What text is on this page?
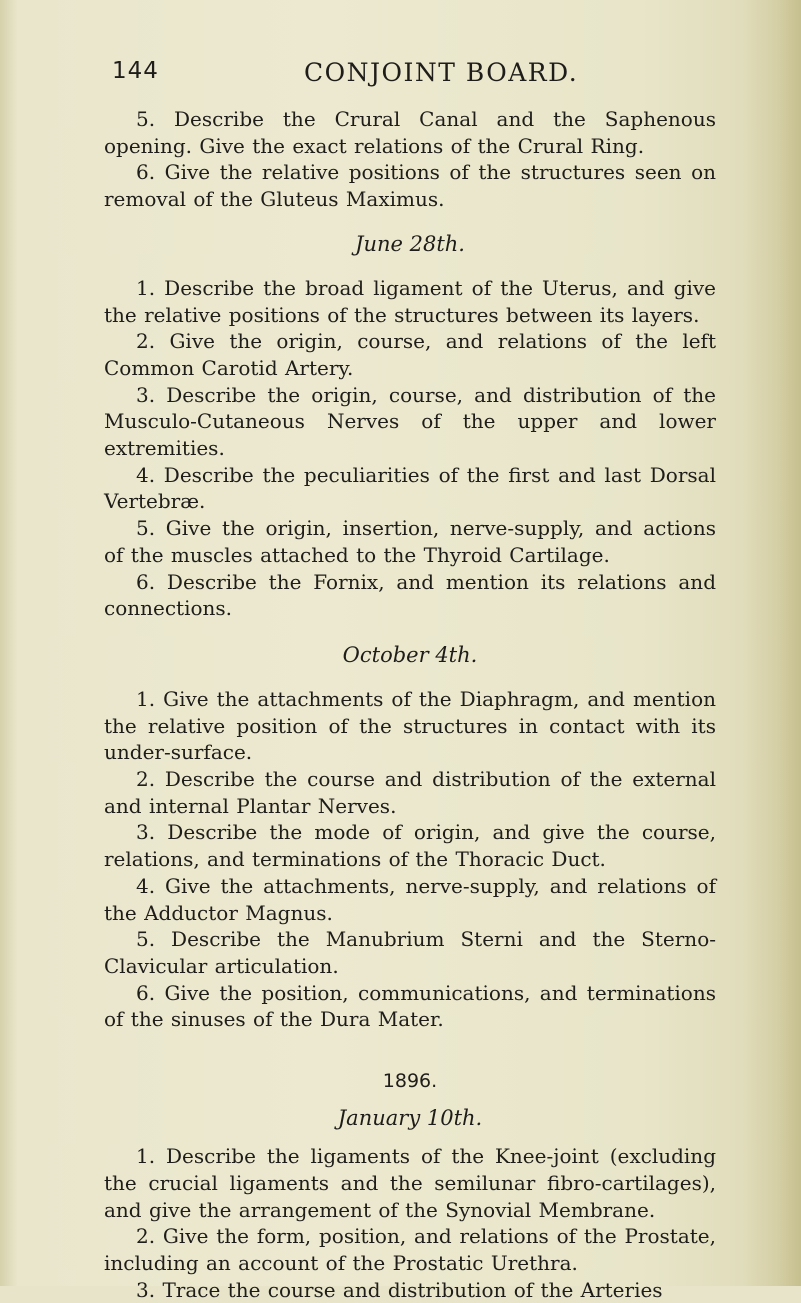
144	CONJOINT BOARD.

5. Describe the Crural Canal and the Saphenous opening. Give the exact relations of the Crural Ring.

6. Give the relative positions of the structures seen on removal of the Gluteus Maximus.

June 28th.

1. Describe the broad ligament of the Uterus, and give the relative positions of the structures between its layers.

2. Give the origin, course, and relations of the left Common Carotid Artery.

3. Describe the origin, course, and distribution of the Musculo-Cutaneous Nerves of the upper and lower extremities.

4. Describe the peculiarities of the first and last Dorsal Vertebræ.

5. Give the origin, insertion, nerve-supply, and actions of the muscles attached to the Thyroid Cartilage.

6. Describe the Fornix, and mention its relations and connections.

October 4th.

1. Give the attachments of the Diaphragm, and mention the relative position of the structures in contact with its under-surface.

2. Describe the course and distribution of the external and internal Plantar Nerves.

3. Describe the mode of origin, and give the course, relations, and terminations of the Thoracic Duct.

4. Give the attachments, nerve-supply, and relations of the Adductor Magnus.

5. Describe the Manubrium Sterni and the Sterno-Clavicular articulation.

6. Give the position, communications, and terminations of the sinuses of the Dura Mater.

1896.
January 10th.

1. Describe the ligaments of the Knee-joint (excluding the crucial ligaments and the semilunar fibro-cartilages), and give the arrangement of the Synovial Membrane.

2. Give the form, position, and relations of the Prostate, including an account of the Prostatic Urethra.

3. Trace the course and distribution of the Arteries
